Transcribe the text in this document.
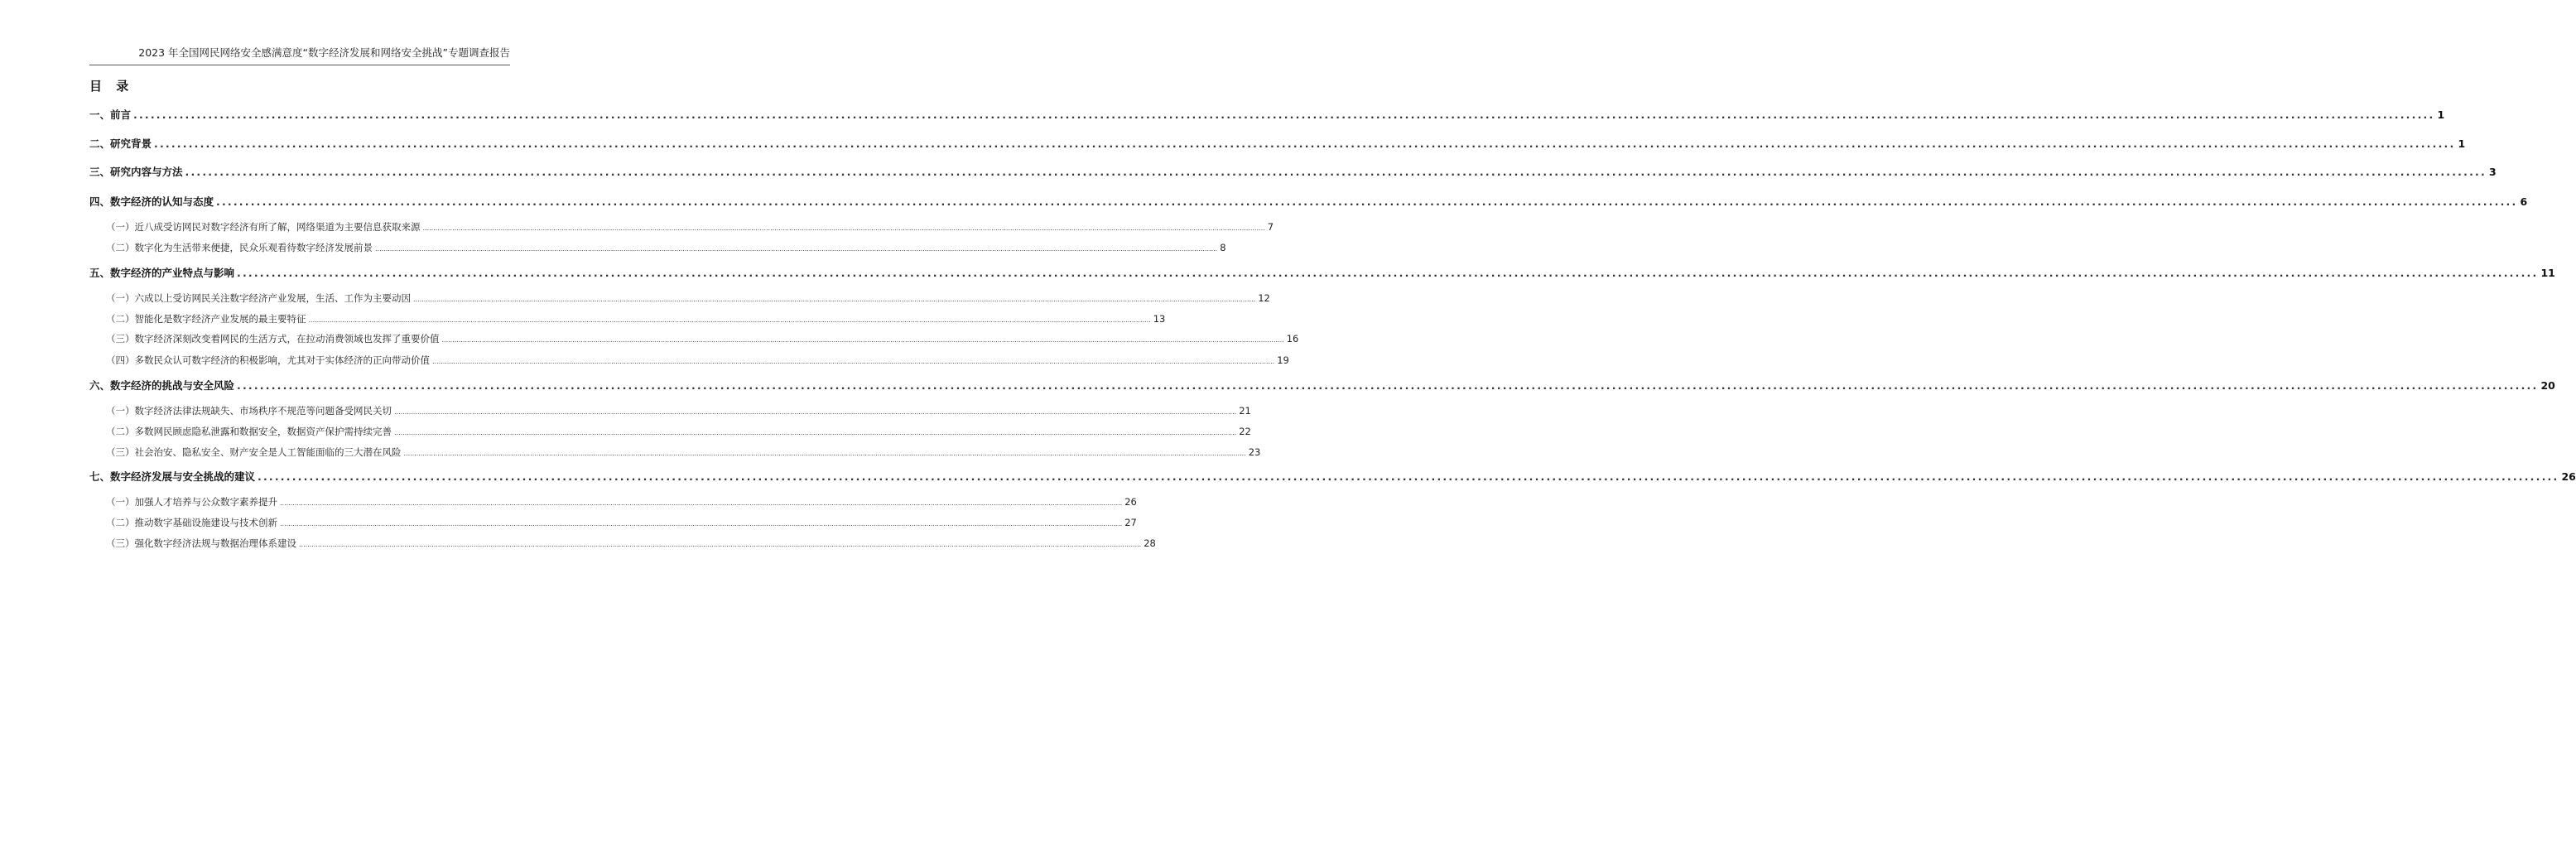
2023 年全国网民网络安全感满意度“数字经济发展和网络安全挑战”专题调查报告
目 录
一、前言 ................................................................................................................................................................................................................................................................................................................................................................................................................ 1
二、研究背景 ................................................................................................................................................................................................................................................................................................................................................................................................................ 1
三、研究内容与方法 ................................................................................................................................................................................................................................................................................................................................................................................................................ 3
四、数字经济的认知与态度 ................................................................................................................................................................................................................................................................................................................................................................................................................ 6
（一）近八成受访网民对数字经济有所了解，网络渠道为主要信息获取来源 ................................................................................................................................................................................................................................................................................................................................................................................................................ 7
（二）数字化为生活带来便捷，民众乐观看待数字经济发展前景 ................................................................................................................................................................................................................................................................................................................................................................................................................ 8
五、数字经济的产业特点与影响 ................................................................................................................................................................................................................................................................................................................................................................................................................ 11
（一）六成以上受访网民关注数字经济产业发展，生活、工作为主要动因 ................................................................................................................................................................................................................................................................................................................................................................................................................ 12
（二）智能化是数字经济产业发展的最主要特征 ................................................................................................................................................................................................................................................................................................................................................................................................................ 13
（三）数字经济深刻改变着网民的生活方式，在拉动消费领域也发挥了重要价值 ................................................................................................................................................................................................................................................................................................................................................................................................................ 16
（四）多数民众认可数字经济的积极影响，尤其对于实体经济的正向带动价值 ................................................................................................................................................................................................................................................................................................................................................................................................................ 19
六、数字经济的挑战与安全风险 ................................................................................................................................................................................................................................................................................................................................................................................................................ 20
（一）数字经济法律法规缺失、市场秩序不规范等问题备受网民关切 ................................................................................................................................................................................................................................................................................................................................................................................................................ 21
（二）多数网民顾虑隐私泄露和数据安全，数据资产保护需持续完善 ................................................................................................................................................................................................................................................................................................................................................................................................................ 22
（三）社会治安、隐私安全、财产安全是人工智能面临的三大潜在风险 ................................................................................................................................................................................................................................................................................................................................................................................................................ 23
七、数字经济发展与安全挑战的建议 ................................................................................................................................................................................................................................................................................................................................................................................................................ 26
（一）加强人才培养与公众数字素养提升 ................................................................................................................................................................................................................................................................................................................................................................................................................ 26
（二）推动数字基础设施建设与技术创新 ................................................................................................................................................................................................................................................................................................................................................................................................................ 27
（三）强化数字经济法规与数据治理体系建设 ................................................................................................................................................................................................................................................................................................................................................................................................................ 28
